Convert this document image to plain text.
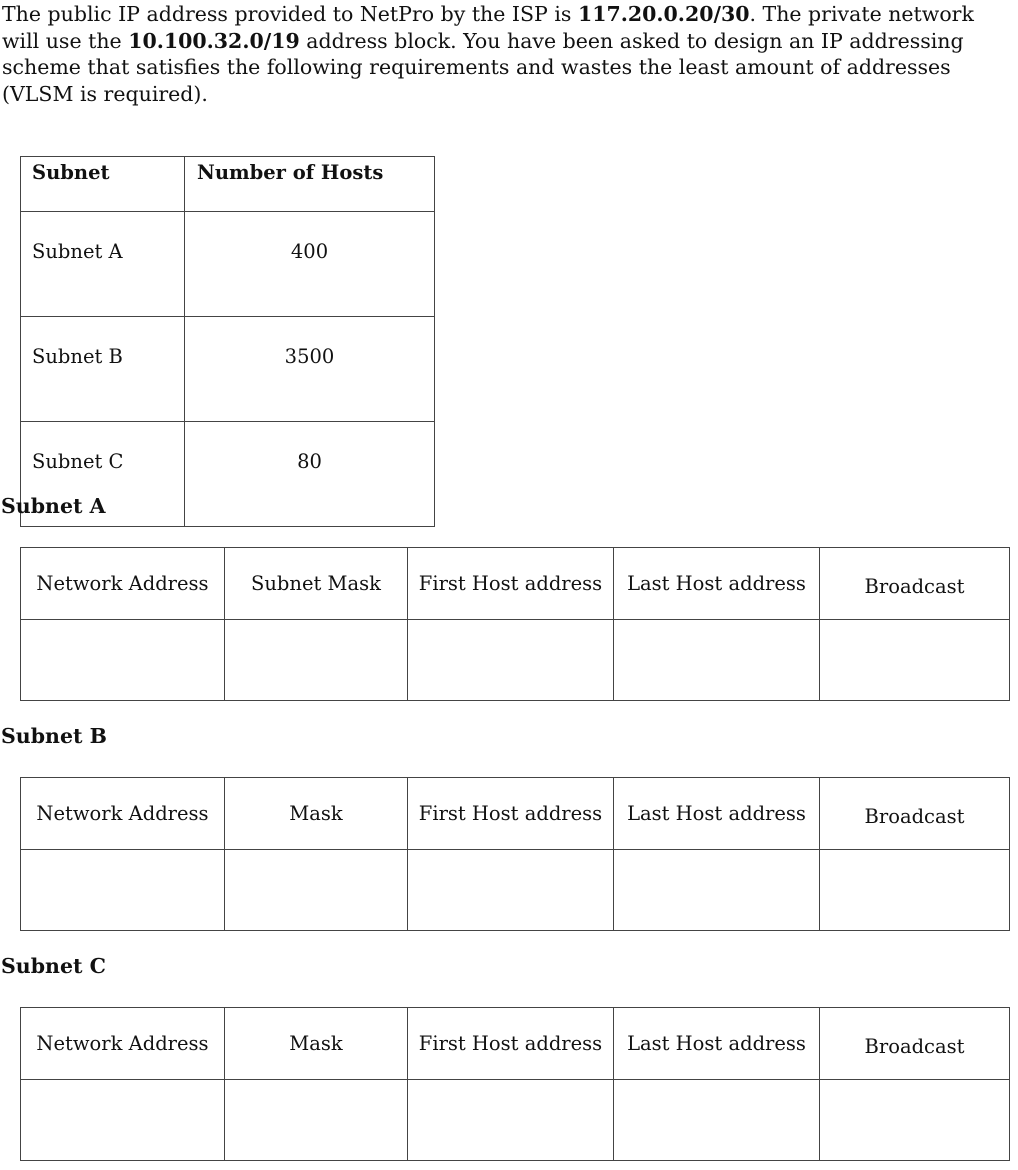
The public IP address provided to NetPro by the ISP is 117.20.0.20/30. The private network will use the 10.100.32.0/19 address block. You have been asked to design an IP addressing scheme that satisfies the following requirements and wastes the least amount of addresses (VLSM is required).

Subnet	Number of Hosts
Subnet A	400
Subnet B	3500
Subnet C	80

Subnet A

Network Address	Subnet Mask	First Host address	Last Host address	Broadcast

Subnet B

Network Address	Mask	First Host address	Last Host address	Broadcast

Subnet C

Network Address	Mask	First Host address	Last Host address	Broadcast
